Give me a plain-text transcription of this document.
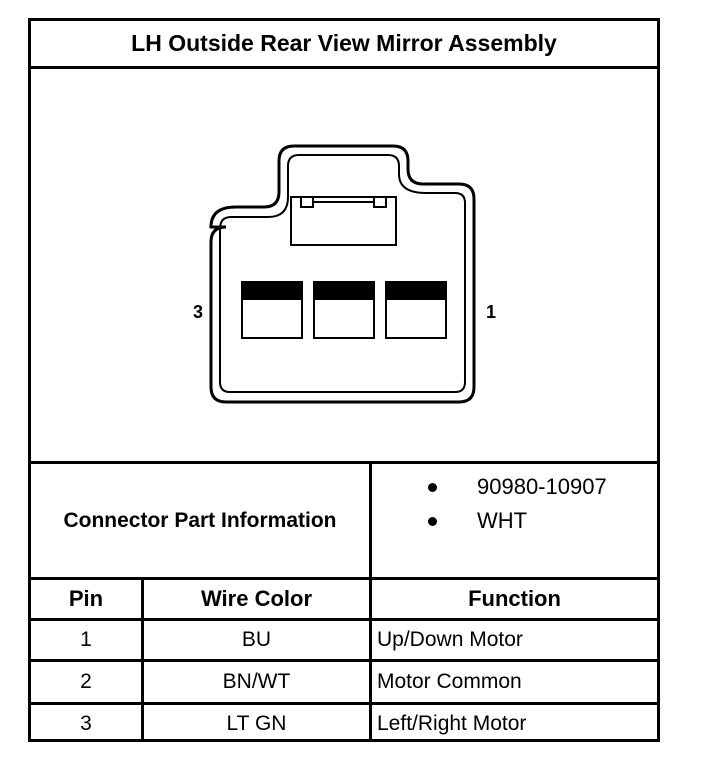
LH Outside Rear View Mirror Assembly
3	1
Connector Part Information
90980-10907
WHT
Pin	Wire Color	Function
1	BU	Up/Down Motor
2	BN/WT	Motor Common
3	LT GN	Left/Right Motor
